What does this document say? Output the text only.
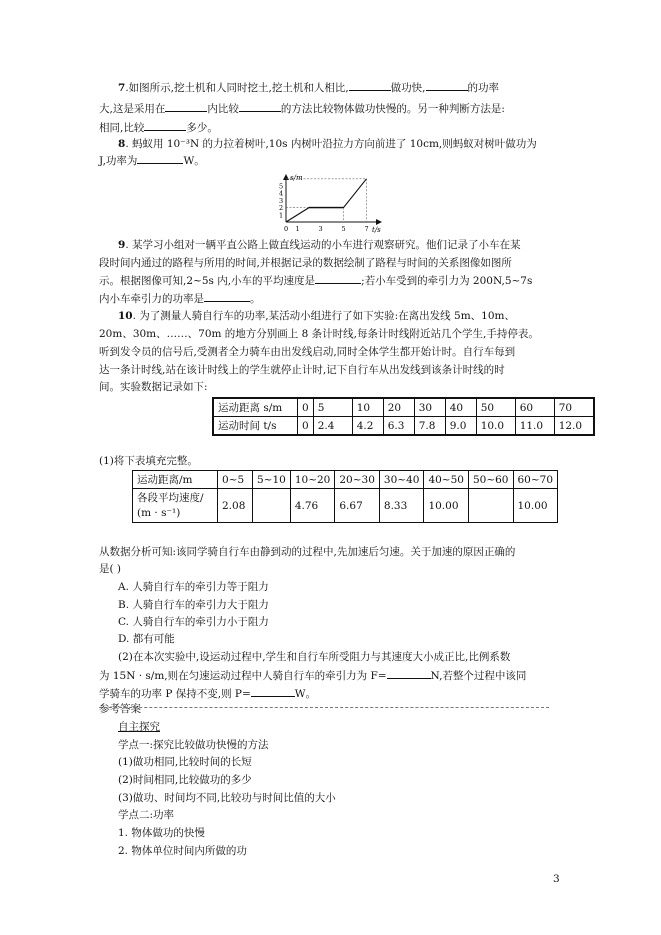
7.如图所示,挖土机和人同时挖土,挖土机和人相比,	做功快,	的功率
大,这是采用在	内比较	的方法比较物体做功快慢的。另一种判断方法是:
相同,比较	多少。
8. 蚂蚁用 10⁻³N 的力拉着树叶,10s 内树叶沿拉力方向前进了 10cm,则蚂蚁对树叶做功为
J,功率为	W。
s/m
t/s
5
4
3
2
1
0 1	3	5	7
9. 某学习小组对一辆平直公路上做直线运动的小车进行观察研究。他们记录了小车在某
段时间内通过的路程与所用的时间,并根据记录的数据绘制了路程与时间的关系图像如图所
示。根据图像可知,2~5s 内,小车的平均速度是	;若小车受到的牵引力为 200N,5~7s
内小车牵引力的功率是	。
10. 为了测量人骑自行车的功率,某活动小组进行了如下实验:在离出发线 5m、10m、
20m、30m、……、70m 的地方分别画上 8 条计时线,每条计时线附近站几个学生,手持停表。
听到发令员的信号后,受测者全力骑车由出发线启动,同时全体学生都开始计时。自行车每到
达一条计时线,站在该计时线上的学生就停止计时,记下自行车从出发线到该条计时线的时
间。实验数据记录如下:
运动距离 s/m	0	5	10	20	30	40	50	60	70
运动时间 t/s	0	2.4	4.2	6.3	7.8	9.0	10.0	11.0	12.0
(1)将下表填充完整。
运动距离/m	0~5	5~10	10~20	20~30	30~40	40~50	50~60	60~70
各段平均速度/
(m · s⁻¹)	2.08		4.76	6.67	8.33	10.00		10.00
从数据分析可知:该同学骑自行车由静到动的过程中,先加速后匀速。关于加速的原因正确的
是( )
A. 人骑自行车的牵引力等于阻力
B. 人骑自行车的牵引力大于阻力
C. 人骑自行车的牵引力小于阻力
D. 都有可能
(2)在本次实验中,设运动过程中,学生和自行车所受阻力与其速度大小成正比,比例系数
为 15N · s/m,则在匀速运动过程中人骑自行车的牵引力为 F=	N,若整个过程中该同
学骑车的功率 P 保持不变,则 P=	W。
参考答案
自主探究
学点一:探究比较做功快慢的方法
(1)做功相同,比较时间的长短
(2)时间相同,比较做功的多少
(3)做功、时间均不同,比较功与时间比值的大小
学点二:功率
1. 物体做功的快慢
2. 物体单位时间内所做的功
3
